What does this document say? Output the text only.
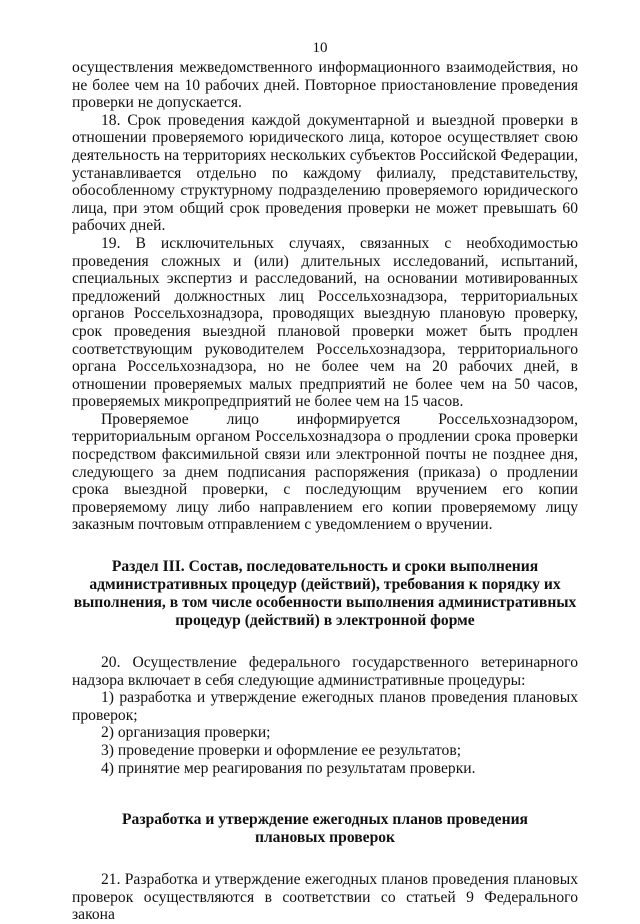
10

осуществления межведомственного информационного взаимодействия, но не более чем на 10 рабочих дней. Повторное приостановление проведения проверки не допускается.

18. Срок проведения каждой документарной и выездной проверки в отношении проверяемого юридического лица, которое осуществляет свою деятельность на территориях нескольких субъектов Российской Федерации, устанавливается отдельно по каждому филиалу, представительству, обособленному структурному подразделению проверяемого юридического лица, при этом общий срок проведения проверки не может превышать 60 рабочих дней.

19. В исключительных случаях, связанных с необходимостью проведения сложных и (или) длительных исследований, испытаний, специальных экспертиз и расследований, на основании мотивированных предложений должностных лиц Россельхознадзора, территориальных органов Россельхознадзора, проводящих выездную плановую проверку, срок проведения выездной плановой проверки может быть продлен соответствующим руководителем Россельхознадзора, территориального органа Россельхознадзора, но не более чем на 20 рабочих дней, в отношении проверяемых малых предприятий не более чем на 50 часов, проверяемых микропредприятий не более чем на 15 часов.

Проверяемое лицо информируется Россельхознадзором, территориальным органом Россельхознадзора о продлении срока проверки посредством факсимильной связи или электронной почты не позднее дня, следующего за днем подписания распоряжения (приказа) о продлении срока выездной проверки, с последующим вручением его копии проверяемому лицу либо направлением его копии проверяемому лицу заказным почтовым отправлением с уведомлением о вручении.

Раздел III. Состав, последовательность и сроки выполнения административных процедур (действий), требования к порядку их выполнения, в том числе особенности выполнения административных процедур (действий) в электронной форме

20. Осуществление федерального государственного ветеринарного надзора включает в себя следующие административные процедуры:

1) разработка и утверждение ежегодных планов проведения плановых проверок;

2) организация проверки;

3) проведение проверки и оформление ее результатов;

4) принятие мер реагирования по результатам проверки.

Разработка и утверждение ежегодных планов проведения плановых проверок

21. Разработка и утверждение ежегодных планов проведения плановых проверок осуществляются в соответствии со статьей 9 Федерального закона
